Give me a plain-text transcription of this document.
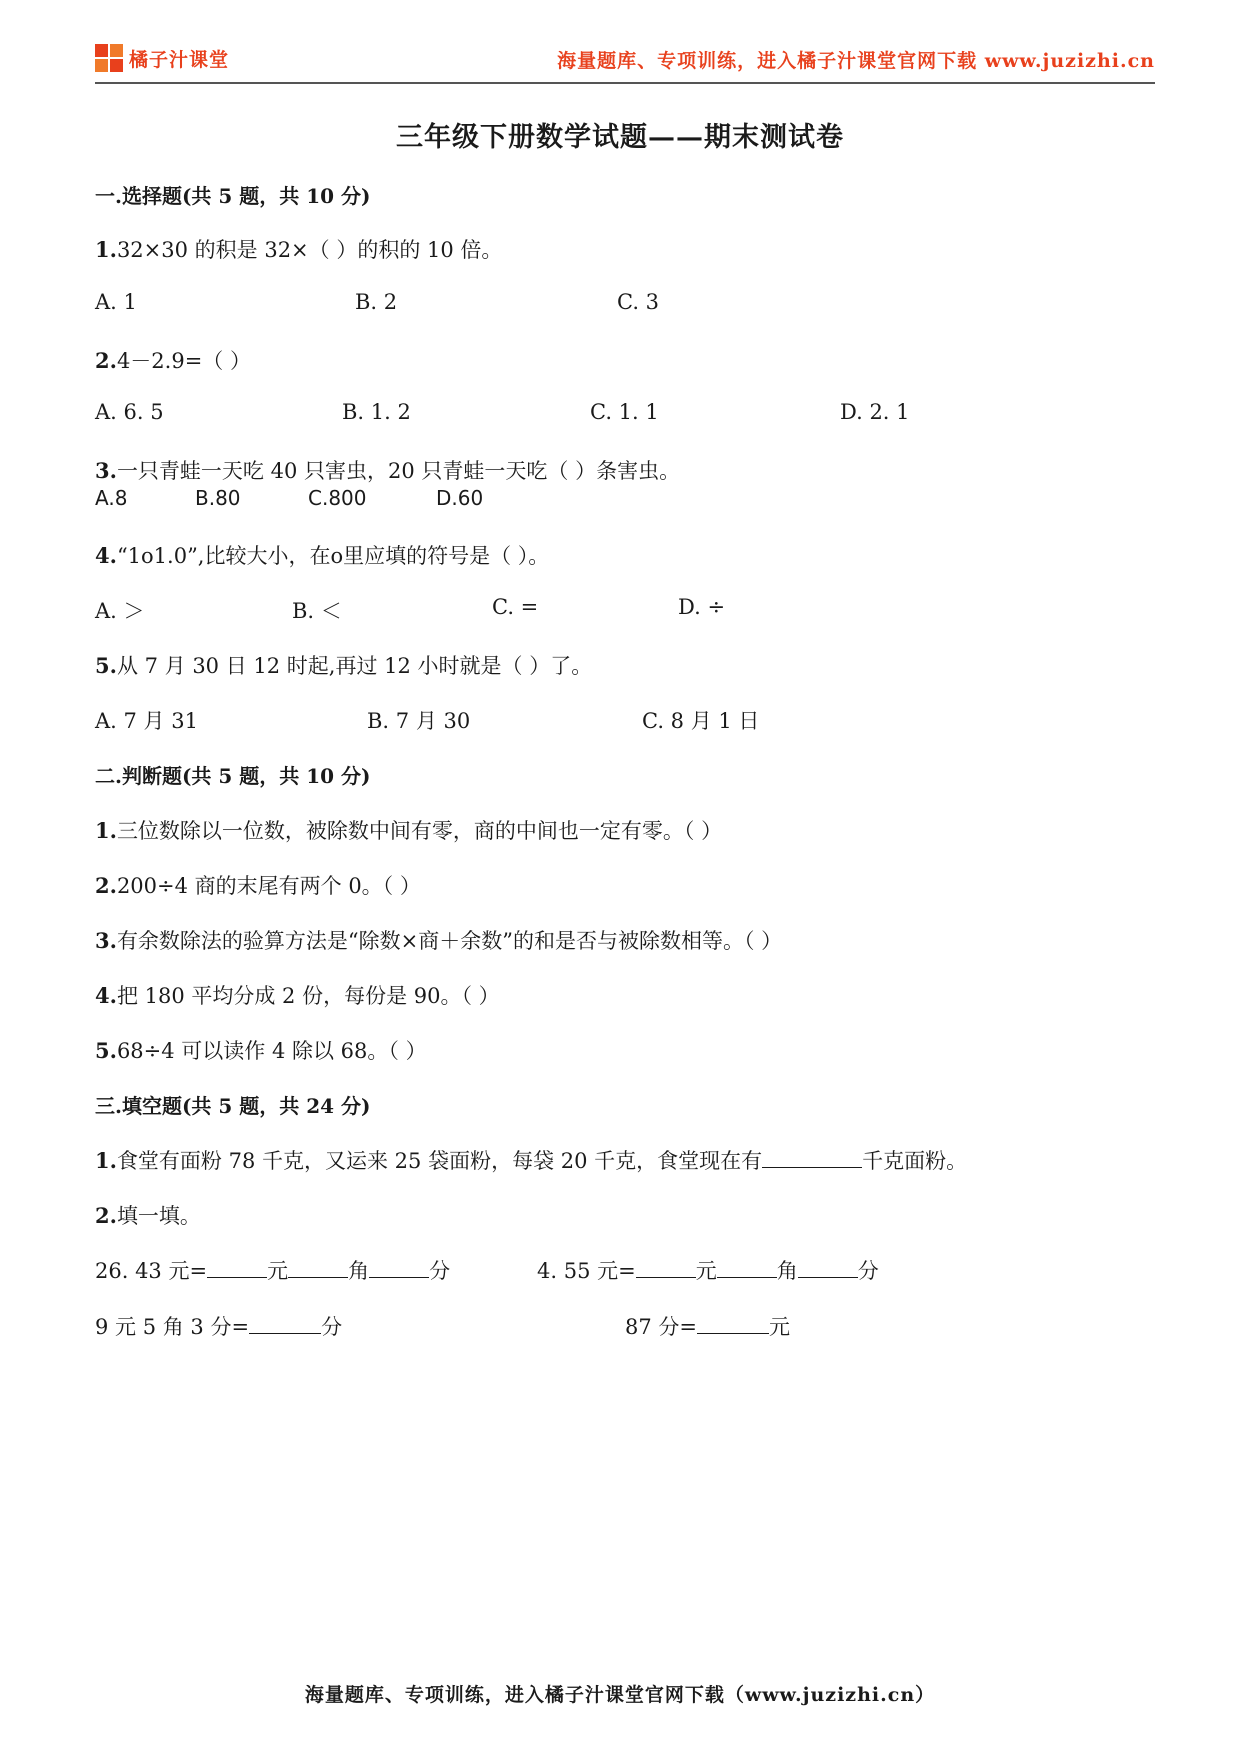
橘子汁课堂	海量题库、专项训练，进入橘子汁课堂官网下载 www.juzizhi.cn
三年级下册数学试题——期末测试卷
一.选择题(共 5 题，共 10 分)
1.32×30 的积是 32×（ ）的积的 10 倍。
A. 1	B. 2	C. 3
2.4－2.9=（ ）
A. 6. 5	B. 1. 2	C. 1. 1	D. 2. 1
3.一只青蛙一天吃 40 只害虫，20 只青蛙一天吃（ ）条害虫。
A.8	B.80	C.800	D.60
4.“1o1.0”,比较大小，在o里应填的符号是（ ）。
A. ＞	B. ＜	C. =	D. ÷
5.从 7 月 30 日 12 时起,再过 12 小时就是（ ）了。
A. 7 月 31	B. 7 月 30	C. 8 月 1 日
二.判断题(共 5 题，共 10 分)
1.三位数除以一位数，被除数中间有零，商的中间也一定有零。（ ）
2.200÷4 商的末尾有两个 0。（ ）
3.有余数除法的验算方法是“除数×商＋余数”的和是否与被除数相等。（ ）
4.把 180 平均分成 2 份，每份是 90。（ ）
5.68÷4 可以读作 4 除以 68。（ ）
三.填空题(共 5 题，共 24 分)
1.食堂有面粉 78 千克，又运来 25 袋面粉，每袋 20 千克，食堂现在有	千克面粉。
2.填一填。
26. 43 元=	元	角	分	4. 55 元=	元	角	分
9 元 5 角 3 分=	分	87 分=	元
海量题库、专项训练，进入橘子汁课堂官网下载（www.juzizhi.cn）
